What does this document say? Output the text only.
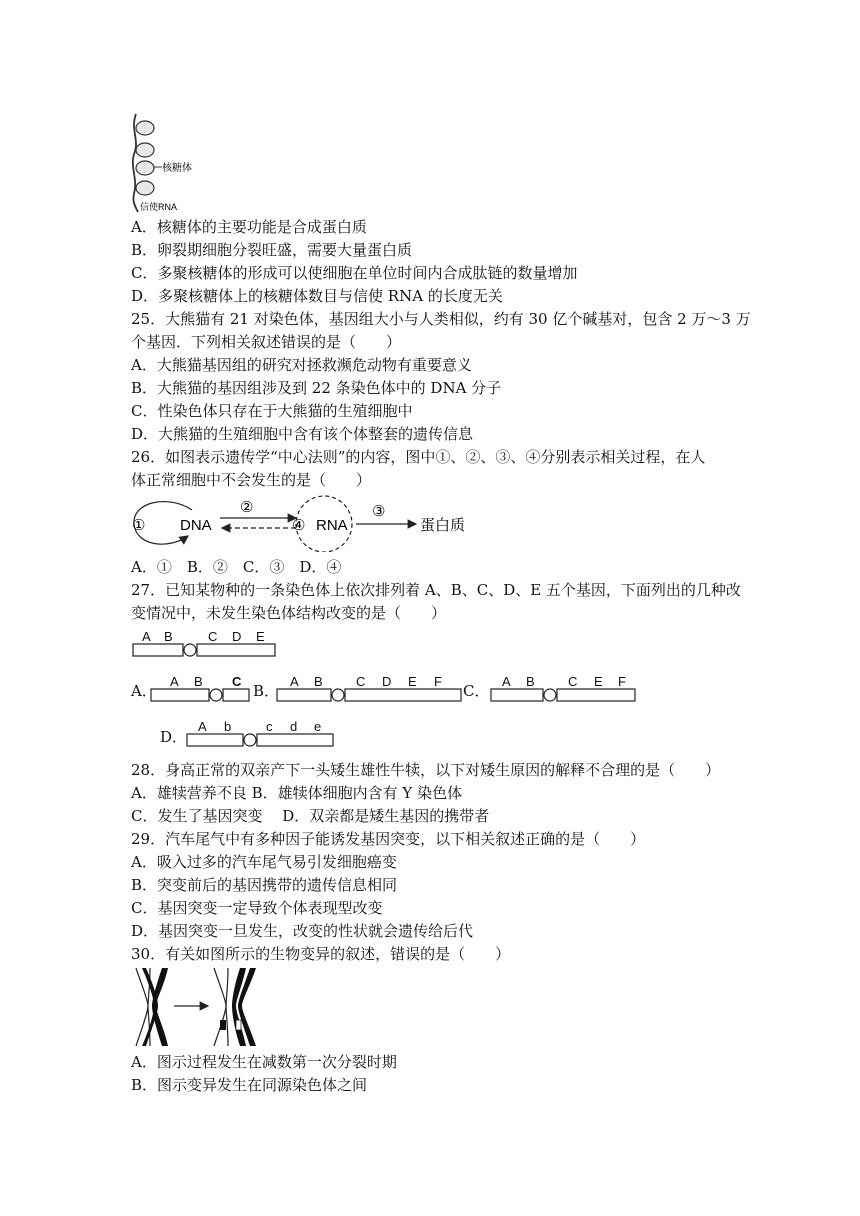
核糖体
信使RNA
A．核糖体的主要功能是合成蛋白质
B．卵裂期细胞分裂旺盛，需要大量蛋白质
C．多聚核糖体的形成可以使细胞在单位时间内合成肽链的数量增加
D．多聚核糖体上的核糖体数目与信使 RNA 的长度无关
25．大熊猫有 21 对染色体，基因组大小与人类相似，约有 30 亿个碱基对，包含 2 万～3 万
个基因．下列相关叙述错误的是（　　）
A．大熊猫基因组的研究对拯救濒危动物有重要意义
B．大熊猫的基因组涉及到 22 条染色体中的 DNA 分子
C．性染色体只存在于大熊猫的生殖细胞中
D．大熊猫的生殖细胞中含有该个体整套的遗传信息
26．如图表示遗传学“中心法则”的内容，图中①、②、③、④分别表示相关过程，在人
体正常细胞中不会发生的是（　　）
① DNA
②
④ RNA
③
蛋白质
A．①　B．②　C．③　D．④
27．已知某物种的一条染色体上依次排列着 A、B、C、D、E 五个基因，下面列出的几种改
变情况中，未发生染色体结构改变的是（　　）
A B	C D E
A．
A B C
B．
A B	C D E F
C．
A B	C E F
D．
A b	c d e
28．身高正常的双亲产下一头矮生雄性牛犊，以下对矮生原因的解释不合理的是（　　）
A．雄犊营养不良 B．雄犊体细胞内含有 Y 染色体
C．发生了基因突变　 D．双亲都是矮生基因的携带者
29．汽车尾气中有多种因子能诱发基因突变，以下相关叙述正确的是（　　）
A．吸入过多的汽车尾气易引发细胞癌变
B．突变前后的基因携带的遗传信息相同
C．基因突变一定导致个体表现型改变
D．基因突变一旦发生，改变的性状就会遗传给后代
30．有关如图所示的生物变异的叙述，错误的是（　　）
A．图示过程发生在减数第一次分裂时期
B．图示变异发生在同源染色体之间
